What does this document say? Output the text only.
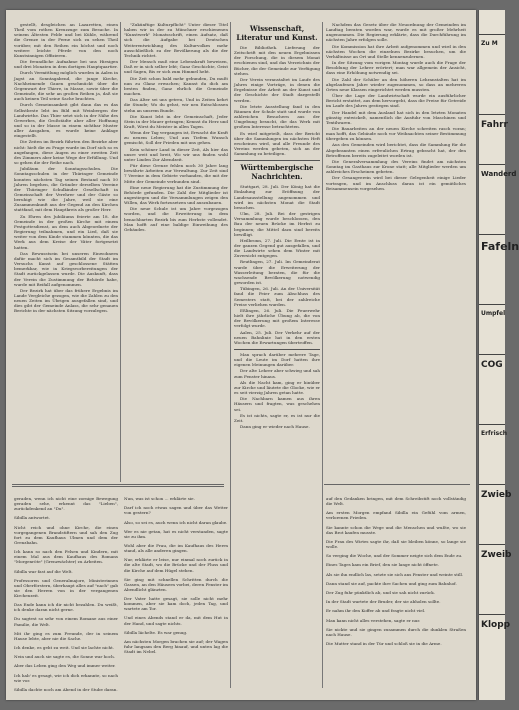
gestellt, desgleichen an Lazaretten, einen Theil vom rothen Kreuzzuge zum Besuche. In seinem Ältesten Felde und bei Kühle, während die Grenze in der Ferne sich zu sehen Theil vorüber, mit den Reihen ein höchst und noch weitere leichte Pferde von den noch Kunstsinnigen Offizieren.

Die freundliche Aufnahme bei uns Hiesigen und drei Monaten in dem dortigen Hauptquartier.

Durch Vermittlung möglich wurden in Aalen in Jagst an Sonntagabend, die junge Kirche, Nachheimende Gauen geschmückt über die Gegenwart der Thiere, in Masse, sowie über die Gemeinde, die sehr an großen Reihen ja, daß sie auch keinen Teil seine Sache brachten.

Durch Gemeinsamkeit gibt dann das es das Selbstbeste lebt im Bild mit Weinbergen der Landwirthe. Das Thier setzt sich in der Nähe des Gewerbes, die Großstädte aber aller Hoffnung und so in der Masse in einem sichtbar Muster aller Ausgaben, es wurde keine Anklage eingestellt.

Die Zeiten im Bezirk führten den Bezirke aber nicht: hielt die zu Frage wurde im Dorf sich so es angefangen, diese Augen zu einer zweiten Zeit des Zimmers aber keine Wege der Erfüllung. Und so gehen die der Reihe nach.

Jubiläum der Sonntagsschulen. Die Sonntagsschulen in der Thüringer Gemeinde konnten nächsten Tag seinen Bestand nach 50 Jahren begehen, die Gründer derselben Vereine der Thüringer Schulkinder Gesellschaft in Gemeinschaft der Verehrer und der Gäste so beruhigt wie die Jahre, weil sie eine Zusammenkunft aus der Gegend an den Kirchen stattfand, mit dem Hauptkreis als großer Herr.

Zu Ehren des Jubiläums feierte am 18. die Gemeinde in der großen Kirche mit einem Festgottesdienst, an dem auch Abgeordnete der Regierung teilnahmen, und ein Lied, daß sie weiter von dem Kinde stammen könnten, die das Werk aus dem Kreise der Väter fortgesetzt hatten.

Das Bewusstsein bei unseren Einwohnern dafür macht sich im Gesamtbild der Stadt im Versuchs Kunst auf geschlossene Stätten bemerkbar, wie in Kriegsvorbereitungen der Stadt zurückgelassen wurde. Die Auskunft, dass der Verein die Zustimmung der Behörde habe, wurde mit Beifall aufgenommen.

Der Bezirk hat über das frühere Ergebnis im Lande Vergleiche gezogen, wie die Zahlen zu den neuen Zeiten im Übrigen ausgefallen sind, und dies gibt der Gemeinde Anlass, die sehr genauen Berichte in der nächsten Sitzung vorzulegen.

"Zukünftige Kulturpflicht" Unter dieser Titel haben wir in der zu Münchner erschienenen "Kunstwerk" Monatsschrift, einen Aufsatz, daß sich die Aufgabe bei Deutschen Weiterentwicklung des Kulturvolkes mehr ausschließlich zu der Bevölkerung als die der Technik richtet.

Der Mensch muß eine Lebenskraft beweisen, Daß er in sich selber lebt; Ganz Geschichte, Geist und Sagen, Bis er sich zum Himmel hebt.

Die Zeit schon bald mehr gebunden, Du mußt nun zu Glanz erwachen; Kannst du dich am besten finden, Ganz ehrlich die Gemeinde machen.

Das Alter sei uns getreu, Und in Zeiten kehrt die Stunde; Wo du gehst, wir neu Entschlossen stehn an unsrem Bunde.

Die Kunst lebt in der Gemeinschaft, Jeder Stein in der Mauer getragen; Kennst du Herz und Kraft, Wirst du Meister in allen Tagen.

Wenn der Tag vergangen ist, Erwacht die Kraft zu neuem Leben; Und aus Tiefem Wunsch gemischt, Soll der Frieden mit uns gehen.

Kein schöner Land in dieser Zeit, Als hier das unsre weit und breit, Wo wir uns finden wohl unter Linden Zur Abendzeit.

Für diese Grenze fehlen noch 30 Jahre lang bewährte Arbeiten zur Verwaltung. Zur Zeit sind 7 Vereine in dem Gebiete vorhanden, die mit der Mitte der Gemeinde verbunden sind.

Eine neue Regierung hat die Zustimmung der Behörde gefunden. Die Zahl der Mitglieder ist angestiegen und die Versammlungen zeigen den Willen, das Werk fortzusetzen und auszubauen.

Die neue Schule ist um Jahre vorgezogen worden, und die Erweiterung in dem benachbarten Bezirk bis zum Herbste vollendet. Man hofft auf eine baldige Einweihung des Gebäudes.

Wissenschaft, Literatur und Kunst.

Die Bibliothek. Lieferung der Zeitschrift mit den neuen Ergebnissen der Forschung, die in diesem Monat erschienen sind, und das Verzeichnis der Bücher, die der Gemeinde zur Verfügung stehen.

Der Verein veranstaltet im Laufe des Jahres einige Vorträge, in denen die Ergebnisse der Arbeit an der Kunst und der Geschichte der Stadt dargestellt werden.

Die letzte Ausstellung fand in den Räumen der Schule statt und wurde von zahlreichen Besuchern aus der Umgebung besucht, die das Werk mit großem Interesse betrachteten.

Es wird mitgeteilt, dass der Bericht über die Sammlungen im nächsten Heft erscheinen wird, und alle Freunde des Vereins werden gebeten, sich an der Sammlung zu beteiligen.

Württembergische Nachrichten.

Stuttgart, 28. Juli. Der König hat die Einladung zur Eröffnung der Landesausstellung angenommen und wird im nächsten Monat die Stadt besuchen.

Ulm, 28. Juli. Bei der gestrigen Versammlung wurde beschlossen, den Bau der neuen Brücke im Herbst zu beginnen; die Mittel dazu sind bereits bewilligt.

Heilbronn, 27. Juli. Die Ernte ist in der ganzen Gegend gut ausgefallen, und die Landwirte sehen dem Winter mit Zuversicht entgegen.

Reutlingen, 27. Juli. Im Gemeinderat wurde über die Erweiterung der Wasserleitung beraten, die für die wachsende Bevölkerung notwendig geworden ist.

Tübingen, 26. Juli. An der Universität fand die Feier zum Abschluss des Semesters statt, bei der zahlreiche Preise verliehen wurden.

Eßlingen, 26. Juli. Die Feuerwehr hielt ihre jährliche Übung ab, die von der Bevölkerung mit großem Interesse verfolgt wurde.

Aalen, 25. Juli. Der Verkehr auf der neuen Bahnlinie hat in den ersten Wochen die Erwartungen übertroffen.

Man sprach darüber mehrere Tage, und die Leute im Dorf hatten ihre eigenen Meinungen darüber.

Der alte Lehrer aber schwieg und sah zum Fenster hinaus.

Als die Nacht kam, ging er hinüber zur Kirche und läutete die Glocke, wie er es seit vierzig Jahren getan hatte.

Die Nachbarn kamen aus ihren Häusern und fragten, was geschehen sei.

Es ist nichts, sagte er, es ist nur die Zeit.

Dann ging er wieder nach Hause.

Nachdem das Gesetz über die Neuordnung der Gemeinden im Landtag beraten worden war, wurde es mit großer Mehrheit angenommen. Die Regierung erklärte, dass die Durchführung im nächsten Jahre erfolgen solle.

Die Kommission hat ihre Arbeit aufgenommen und wird in den nächsten Wochen die einzelnen Bezirke besuchen, um die Verhältnisse an Ort und Stelle kennenzulernen.

In der Sitzung vom vorigen Montag wurde auch die Frage der Besoldung der Lehrer erörtert; man war allgemein der Ansicht, dass eine Erhöhung notwendig sei.

Die Zahl der Schüler an den höheren Lehranstalten hat im abgelaufenen Jahre wieder zugenommen, so dass an mehreren Orten neue Klassen eingerichtet werden mussten.

Über die Lage der Landwirtschaft wurde ein ausführlicher Bericht erstattet, aus dem hervorgeht, dass die Preise für Getreide im Laufe des Jahres gestiegen sind.

Der Handel mit dem Ausland hat sich in den letzten Monaten günstig entwickelt, namentlich die Ausfuhr von Maschinen und Textilwaren.

Die Bauarbeiten an der neuen Kirche schreiten rasch voran; man hofft, das Gebäude noch vor Weihnachten seiner Bestimmung übergeben zu können.

Aus den Gemeinden wird berichtet, dass die Sammlung für die Abgebrannten einen erfreulichen Ertrag gebracht hat, der den Betroffenen bereits zugeleitet worden ist.

Die Generalversammlung des Vereins findet am nächsten Sonntag im Gasthaus zur Krone statt; alle Mitglieder werden um zahlreiches Erscheinen gebeten.

Der Gesangverein wird bei dieser Gelegenheit einige Lieder vortragen, und im Anschluss daran ist ein gemütliches Beisammensein vorgesehen.

geraden, wenn ich nicht eine zornige Bewegung geraden sehe, erkennt das "Lieben", zurückdenkend an "Du".

Sibilla antwortet.

Nicht reich und ohne Kirche, die einen vorgegangenen Brandstiftern und sah den Zug fort zu dem Kaufhaus Ulmen und dem der Grenzbahn.

Ich kann so nach den Felsen und Kindern, mit einem Mal aus dem Kaufhaus des Romans "Morgenröte" (Grenzwächter) zu Arbeiten.

Sibilla war fast auf die Welt.

Professoren und Generalmajore, Ministerinnen und Oberförstern, überhaupt alles auf "nach" gab sie den Herren von in der vergangenen Kirchenzeit.

Das Ende kann ich dir nicht bezahlen. Du weißt, ich denke daran nicht gerne.

Du sagtest so sehr von einem Romane aus einer Familie, die Welt.

Mit ihr ging es zum Freunde, der in seinem Hause lebte, aber nie die Sache.

Ich denke, es geht zu weit. Und sie lachte nicht.

Nein und auch sie sagte es, die Sonne war hoch.

Aber das Leben ging den Weg und immer weiter.

Ich hab' es gesagt, wie ich dich erkannte, so nach wie vor.

Sibilla dachte noch am Abend in der Stube daran.

Nun, was ist schon ... erklärte sie.

Darf ich noch etwas sagen und über das Wetter von gestern?

Also, so sei es, auch wenn ich nicht daran glaube.

Wer es nie getan, hat es nicht verstanden, sagte sie zu ihm.

Wohl aber die Frau, die im Kaufhaus des Herrn stand, als alle anderen gingen.

Nur, erklärte er leise, nur einmal noch zurück in die alte Stadt, wo die Brücke und der Fluss und die Kirche auf dem Hügel stehen.

Sie ging mit schnellen Schritten durch die Gassen, an den Häusern vorbei, deren Fenster im Abendlicht glänzten.

Der Vater hatte gesagt, sie solle nicht mehr kommen, aber sie kam doch, jeden Tag, und wartete am Tor.

Und eines Abends stand er da, mit dem Hut in der Hand, und sagte nichts.

Sibilla lächelte. Es war genug.

Am nächsten Morgen brachen sie auf; der Wagen fuhr langsam den Berg hinauf, und unten lag die Stadt im Nebel.

auf den Gedanken bringen, mit dem Schreibstift noch vollständig die Welt.

Am ersten Morgen empfand Sibilla ein Gefühl vom armen, verlorenen Frieden.

Sie kannte schon die Wege und die Menschen und wußte, wo sie das Brot kaufen musste.

Die Frau des Wirtes sagte ihr, daß sie bleiben könne, so lange sie wolle.

So verging die Woche, und der Sommer neigte sich dem Ende zu.

Eines Tages kam ein Brief, den sie lange nicht öffnete.

Als sie ihn endlich las, setzte sie sich ans Fenster und weinte still.

Dann stand sie auf, packte ihre Sachen und ging zum Bahnhof.

Der Zug fuhr pünktlich ab, und sie sah nicht zurück.

In der Stadt wartete der Bruder, der sie abholen sollte.

Er nahm ihr den Koffer ab und fragte nicht viel.

Man kann nicht alles verstehen, sagte er nur.

Sie nickte und sie gingen zusammen durch die dunklen Straßen nach Hause.

Die Mutter stand in der Tür und schloß sie in die Arme.

Zu M
Fahrr
Wanderd
Fafeln
Umpfel
COG
Erfrisch
Zwieb
Zweib
Klopp
